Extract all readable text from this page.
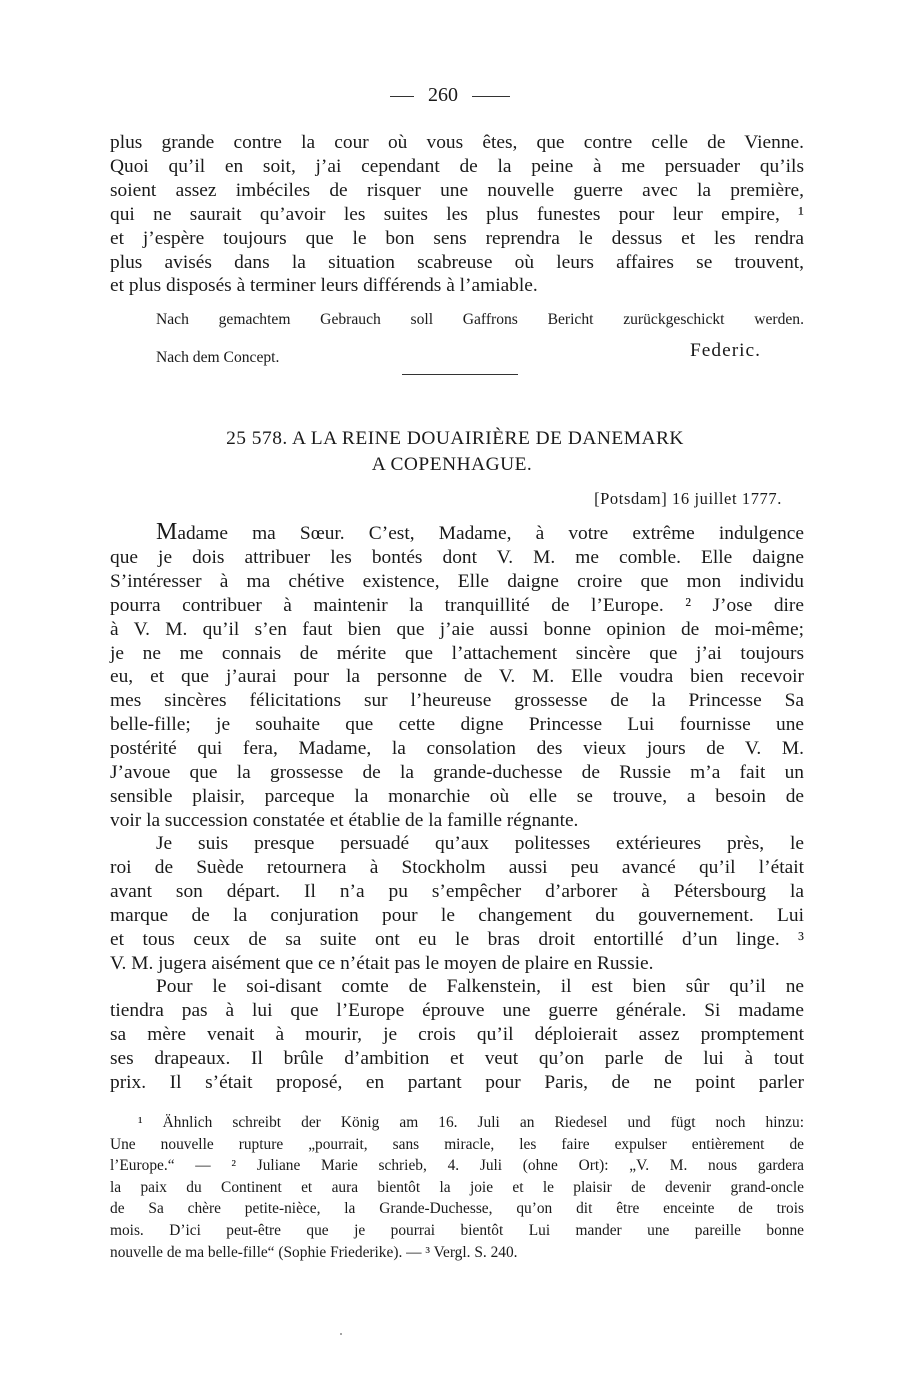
260
plus grande contre la cour où vous êtes, que contre celle de Vienne.
Quoi qu’il en soit, j’ai cependant de la peine à me persuader qu’ils
soient assez imbéciles de risquer une nouvelle guerre avec la première,
qui ne saurait qu’avoir les suites les plus funestes pour leur empire, ¹
et j’espère toujours que le bon sens reprendra le dessus et les rendra
plus avisés dans la situation scabreuse où leurs affaires se trouvent,
et plus disposés à terminer leurs différends à l’amiable.
Nach gemachtem Gebrauch soll Gaffrons Bericht zurückgeschickt werden.
Nach dem Concept.	Federic.
25 578. A LA REINE DOUAIRIÈRE DE DANEMARK
A COPENHAGUE.
[Potsdam] 16 juillet 1777.
Madame ma Sœur. C’est, Madame, à votre extrême indulgence
que je dois attribuer les bontés dont V. M. me comble. Elle daigne
S’intéresser à ma chétive existence, Elle daigne croire que mon individu
pourra contribuer à maintenir la tranquillité de l’Europe. ² J’ose dire
à V. M. qu’il s’en faut bien que j’aie aussi bonne opinion de moi-même;
je ne me connais de mérite que l’attachement sincère que j’ai toujours
eu, et que j’aurai pour la personne de V. M. Elle voudra bien recevoir
mes sincères félicitations sur l’heureuse grossesse de la Princesse Sa
belle-fille; je souhaite que cette digne Princesse Lui fournisse une
postérité qui fera, Madame, la consolation des vieux jours de V. M.
J’avoue que la grossesse de la grande-duchesse de Russie m’a fait un
sensible plaisir, parceque la monarchie où elle se trouve, a besoin de
voir la succession constatée et établie de la famille régnante.
Je suis presque persuadé qu’aux politesses extérieures près, le
roi de Suède retournera à Stockholm aussi peu avancé qu’il l’était
avant son départ. Il n’a pu s’empêcher d’arborer à Pétersbourg la
marque de la conjuration pour le changement du gouvernement. Lui
et tous ceux de sa suite ont eu le bras droit entortillé d’un linge. ³
V. M. jugera aisément que ce n’était pas le moyen de plaire en Russie.
Pour le soi-disant comte de Falkenstein, il est bien sûr qu’il ne
tiendra pas à lui que l’Europe éprouve une guerre générale. Si madame
sa mère venait à mourir, je crois qu’il déploierait assez promptement
ses drapeaux. Il brûle d’ambition et veut qu’on parle de lui à tout
prix. Il s’était proposé, en partant pour Paris, de ne point parler
¹ Ähnlich schreibt der König am 16. Juli an Riedesel und fügt noch hinzu:
Une nouvelle rupture „pourrait, sans miracle, les faire expulser entièrement de
l’Europe.“ — ² Juliane Marie schrieb, 4. Juli (ohne Ort): „V. M. nous gardera
la paix du Continent et aura bientôt la joie et le plaisir de devenir grand-oncle
de Sa chère petite-nièce, la Grande-Duchesse, qu’on dit être enceinte de trois
mois. D’ici peut-être que je pourrai bientôt Lui mander une pareille bonne
nouvelle de ma belle-fille“ (Sophie Friederike). — ³ Vergl. S. 240.
